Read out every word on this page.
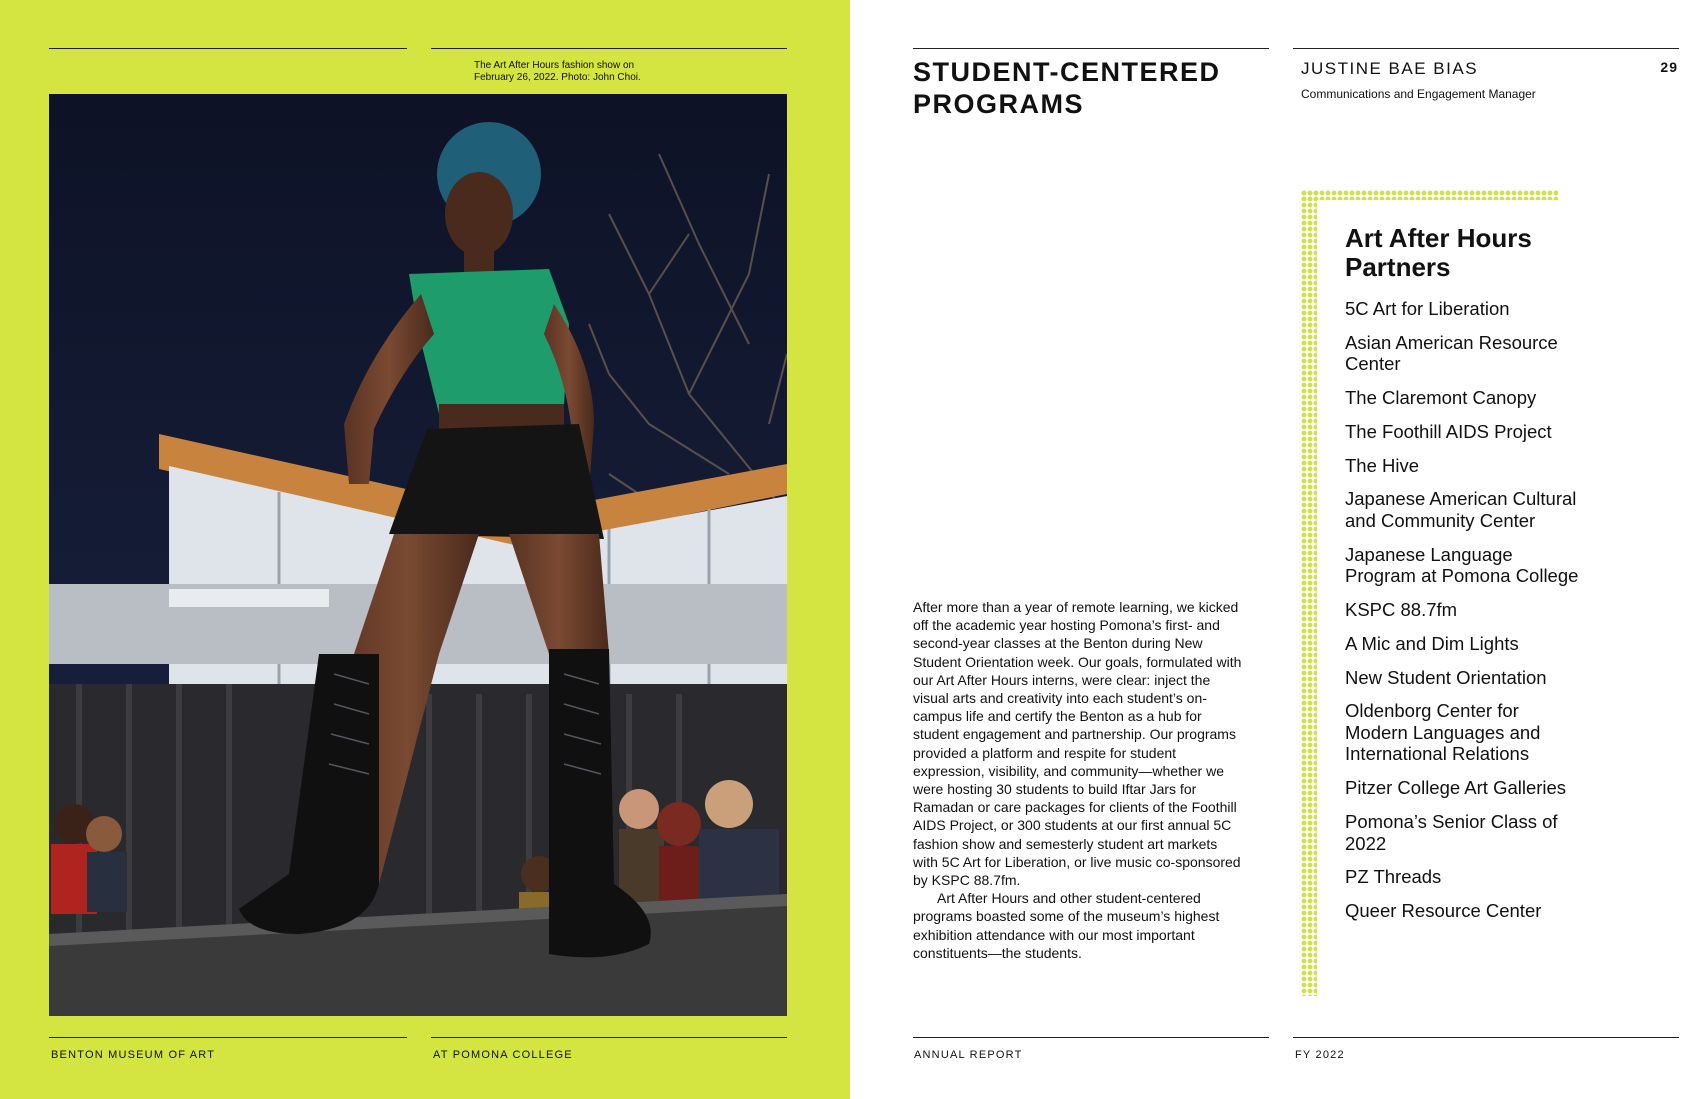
The Art After Hours fashion show on February 26, 2022. Photo: John Choi.
BENTON MUSEUM OF ART	AT POMONA COLLEGE
STUDENT-CENTERED PROGRAMS
JUSTINE BAE BIAS
Communications and Engagement Manager
29

After more than a year of remote learning, we kicked off the academic year hosting Pomona’s first- and second-year classes at the Benton during New Student Orientation week. Our goals, formulated with our Art After Hours interns, were clear: inject the visual arts and creativity into each student’s on-campus life and certify the Benton as a hub for student engagement and partnership. Our programs provided a platform and respite for student expression, visibility, and community—whether we were hosting 30 students to build Iftar Jars for Ramadan or care packages for clients of the Foothill AIDS Project, or 300 students at our first annual 5C fashion show and semesterly student art markets with 5C Art for Liberation, or live music co-sponsored by KSPC 88.7fm.

Art After Hours and other student-centered programs boasted some of the museum’s highest exhibition attendance with our most important constituents—the students.

Art After Hours Partners
5C Art for Liberation
Asian American Resource Center
The Claremont Canopy
The Foothill AIDS Project
The Hive
Japanese American Cultural and Community Center
Japanese Language Program at Pomona College
KSPC 88.7fm
A Mic and Dim Lights
New Student Orientation
Oldenborg Center for Modern Languages and International Relations
Pitzer College Art Galleries
Pomona’s Senior Class of 2022
PZ Threads
Queer Resource Center
ANNUAL REPORT	FY 2022
